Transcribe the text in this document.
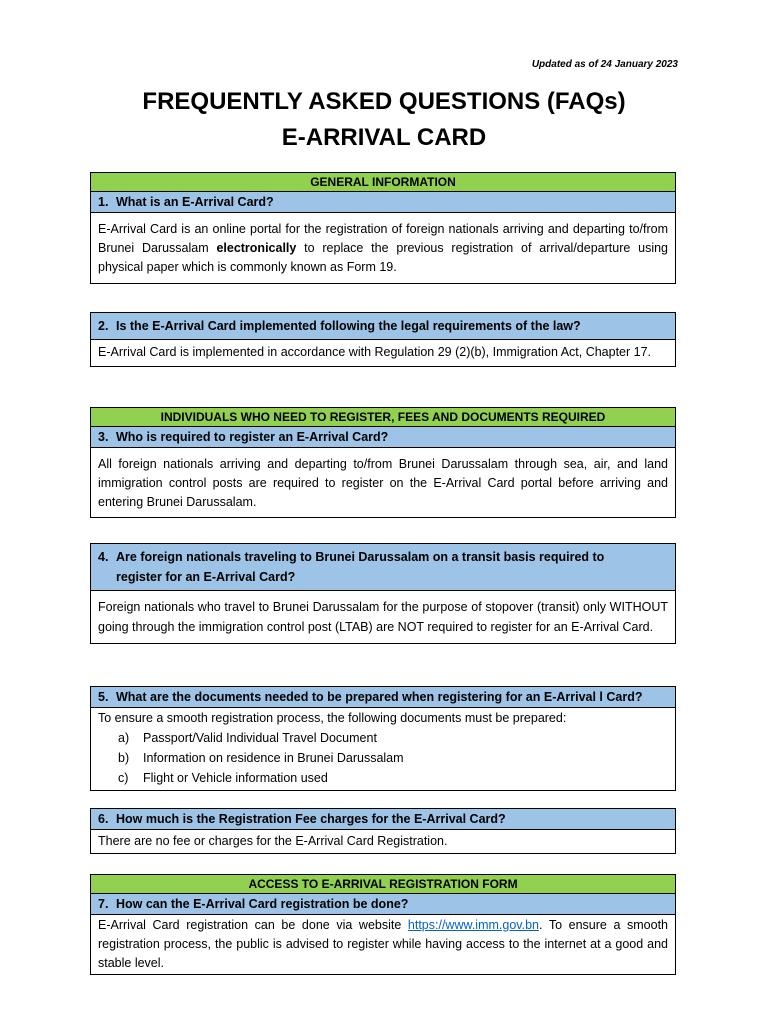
Updated as of 24 January 2023
FREQUENTLY ASKED QUESTIONS (FAQs)
E-ARRIVAL CARD
GENERAL INFORMATION
1. What is an E-Arrival Card?
E-Arrival Card is an online portal for the registration of foreign nationals arriving and departing to/from Brunei Darussalam electronically to replace the previous registration of arrival/departure using physical paper which is commonly known as Form 19.
2. Is the E-Arrival Card implemented following the legal requirements of the law?
E-Arrival Card is implemented in accordance with Regulation 29 (2)(b), Immigration Act, Chapter 17.
INDIVIDUALS WHO NEED TO REGISTER, FEES AND DOCUMENTS REQUIRED
3. Who is required to register an E-Arrival Card?
All foreign nationals arriving and departing to/from Brunei Darussalam through sea, air, and land immigration control posts are required to register on the E-Arrival Card portal before arriving and entering Brunei Darussalam.
4. Are foreign nationals traveling to Brunei Darussalam on a transit basis required to
register for an E-Arrival Card?
Foreign nationals who travel to Brunei Darussalam for the purpose of stopover (transit) only WITHOUT going through the immigration control post (LTAB) are NOT required to register for an E-Arrival Card.
5. What are the documents needed to be prepared when registering for an E-Arrival l Card?
To ensure a smooth registration process, the following documents must be prepared:
a) Passport/Valid Individual Travel Document
b) Information on residence in Brunei Darussalam
c) Flight or Vehicle information used
6. How much is the Registration Fee charges for the E-Arrival Card?
There are no fee or charges for the E-Arrival Card Registration.
ACCESS TO E-ARRIVAL REGISTRATION FORM
7. How can the E-Arrival Card registration be done?
E-Arrival Card registration can be done via website https://www.imm.gov.bn. To ensure a smooth registration process, the public is advised to register while having access to the internet at a good and stable level.
